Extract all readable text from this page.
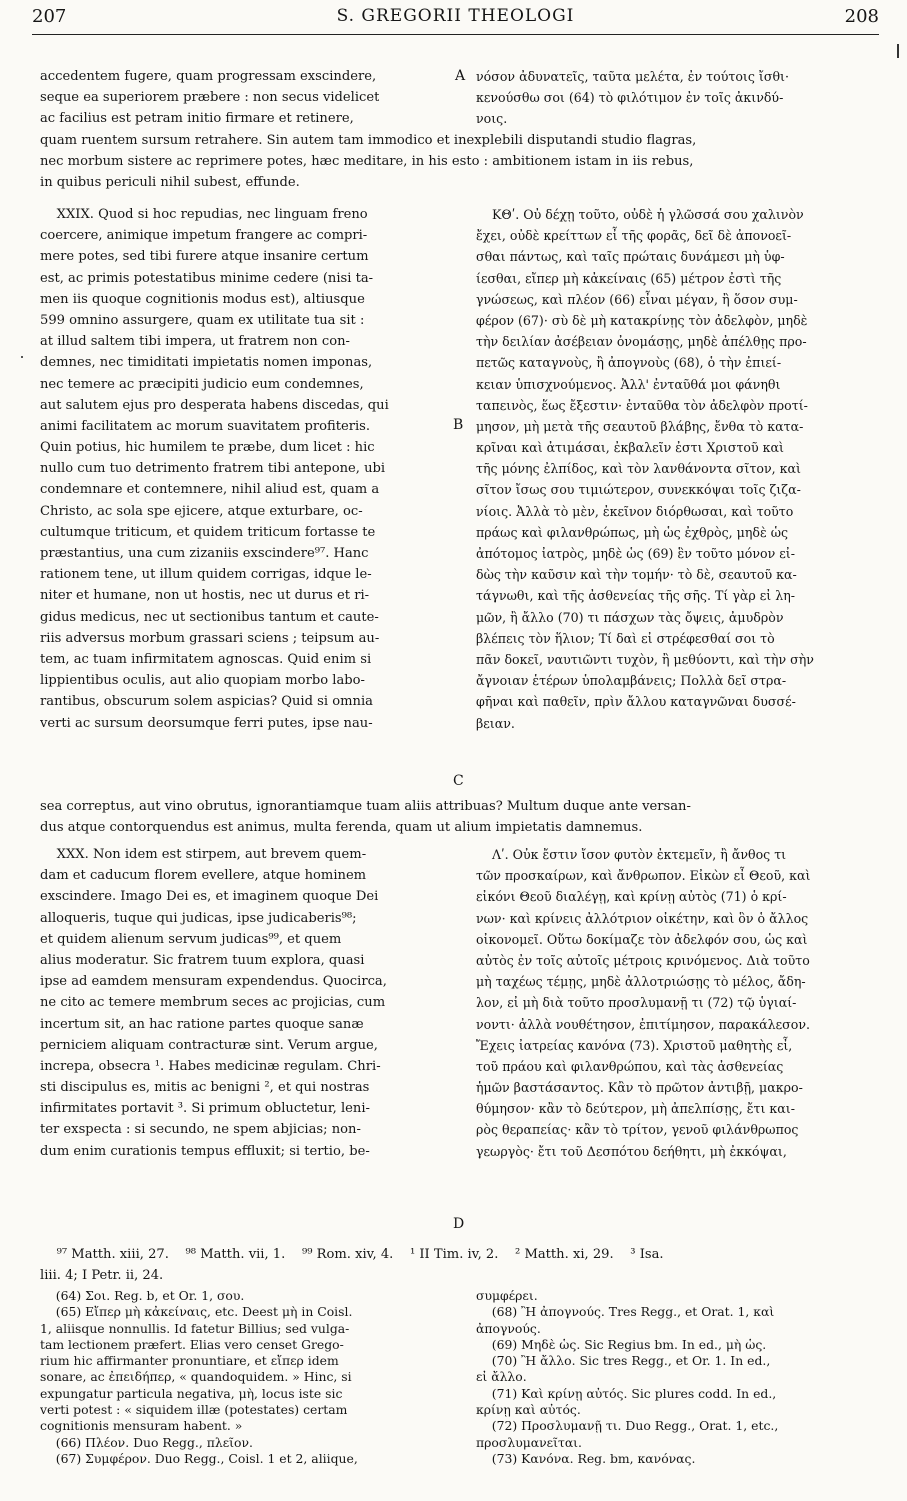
207	S. GREGORII THEOLOGI	208
accedentem fugere, quam progressam exscindere,
seque ea superiorem præbere : non secus videlicet
ac facilius est petram initio firmare et retinere,
νόσον ἀδυνατεῖς, ταῦτα μελέτα, ἐν τούτοις ἴσθι·
κενούσθω σοι (64) τὸ φιλότιμον ἐν τοῖς ἀκινδύ-
νοις.
quam ruentem sursum retrahere. Sin autem tam immodico et inexplebili disputandi studio flagras,
nec morbum sistere ac reprimere potes, hæc meditare, in his esto : ambitionem istam in iis rebus,
in quibus periculi nihil subest, effunde.
XXIX. Quod si hoc repudias, nec linguam freno
coercere, animique impetum frangere ac compri-
mere potes, sed tibi furere atque insanire certum
est, ac primis potestatibus minime cedere (nisi ta-
men iis quoque cognitionis modus est), altiusque
599 omnino assurgere, quam ex utilitate tua sit :
at illud saltem tibi impera, ut fratrem non con-
demnes, nec timiditati impietatis nomen imponas,
nec temere ac præcipiti judicio eum condemnes,
aut salutem ejus pro desperata habens discedas, qui
animi facilitatem ac morum suavitatem profiteris.
Quin potius, hic humilem te præbe, dum licet : hic
nullo cum tuo detrimento fratrem tibi antepone, ubi
condemnare et contemnere, nihil aliud est, quam a
Christo, ac sola spe ejicere, atque exturbare, oc-
cultumque triticum, et quidem triticum fortasse te
præstantius, una cum zizaniis exscindere⁹⁷. Hanc
rationem tene, ut illum quidem corrigas, idque le-
niter et humane, non ut hostis, nec ut durus et ri-
gidus medicus, nec ut sectionibus tantum et caute-
riis adversus morbum grassari sciens ; teipsum au-
tem, ac tuam infirmitatem agnoscas. Quid enim si
lippientibus oculis, aut alio quopiam morbo labo-
rantibus, obscurum solem aspicias? Quid si omnia
verti ac sursum deorsumque ferri putes, ipse nau-
ΚΘʹ. Οὐ δέχῃ τοῦτο, οὐδὲ ἡ γλῶσσά σου χαλινὸν
ἔχει, οὐδὲ κρείττων εἶ τῆς φορᾶς, δεῖ δὲ ἀπονοεῖ-
σθαι πάντως, καὶ ταῖς πρώταις δυνάμεσι μὴ ὑφ-
ίεσθαι, εἴπερ μὴ κἀκείναις (65) μέτρον ἐστὶ τῆς
γνώσεως, καὶ πλέον (66) εἶναι μέγαν, ἢ ὅσον συμ-
φέρον (67)· σὺ δὲ μὴ κατακρίνῃς τὸν ἀδελφὸν, μηδὲ
τὴν δειλίαν ἀσέβειαν ὀνομάσῃς, μηδὲ ἀπέλθῃς προ-
πετῶς καταγνοὺς, ἢ ἀπογνοὺς (68), ὁ τὴν ἐπιεί-
κειαν ὑπισχνούμενος. Ἀλλ' ἐνταῦθά μοι φάνηθι
ταπεινὸς, ἕως ἔξεστιν· ἐνταῦθα τὸν ἀδελφὸν προτί-
μησον, μὴ μετὰ τῆς σεαυτοῦ βλάβης, ἔνθα τὸ κατα-
κρῖναι καὶ ἀτιμάσαι, ἐκβαλεῖν ἐστι Χριστοῦ καὶ
τῆς μόνης ἐλπίδος, καὶ τὸν λανθάνοντα σῖτον, καὶ
σῖτον ἴσως σου τιμιώτερον, συνεκκόψαι τοῖς ζιζα-
νίοις. Ἀλλὰ τὸ μὲν, ἐκεῖνον διόρθωσαι, καὶ τοῦτο
πράως καὶ φιλανθρώπως, μὴ ὡς ἐχθρὸς, μηδὲ ὡς
ἀπότομος ἰατρὸς, μηδὲ ὡς (69) ἓν τοῦτο μόνον εἰ-
δὼς τὴν καῦσιν καὶ τὴν τομήν· τὸ δὲ, σεαυτοῦ κα-
τάγνωθι, καὶ τῆς ἀσθενείας τῆς σῆς. Τί γὰρ εἰ λη-
μῶν, ἢ ἄλλο (70) τι πάσχων τὰς ὄψεις, ἀμυδρὸν
βλέπεις τὸν ἥλιον; Τί δαὶ εἰ στρέφεσθαί σοι τὸ
πᾶν δοκεῖ, ναυτιῶντι τυχὸν, ἢ μεθύοντι, καὶ τὴν σὴν
ἄγνοιαν ἑτέρων ὑπολαμβάνεις; Πολλὰ δεῖ στρα-
φῆναι καὶ παθεῖν, πρὶν ἄλλου καταγνῶναι δυσσέ-
βειαν.
sea correptus, aut vino obrutus, ignorantiamque tuam aliis attribuas? Multum duque ante versan-
dus atque contorquendus est animus, multa ferenda, quam ut alium impietatis damnemus.
XXX. Non idem est stirpem, aut brevem quem-
dam et caducum florem evellere, atque hominem
exscindere. Imago Dei es, et imaginem quoque Dei
alloqueris, tuque qui judicas, ipse judicaberis⁹⁸;
et quidem alienum servum judicas⁹⁹, et quem
alius moderatur. Sic fratrem tuum explora, quasi
ipse ad eamdem mensuram expendendus. Quocirca,
ne cito ac temere membrum seces ac projicias, cum
incertum sit, an hac ratione partes quoque sanæ
perniciem aliquam contracturæ sint. Verum argue,
increpa, obsecra ¹. Habes medicinæ regulam. Chri-
sti discipulus es, mitis ac benigni ², et qui nostras
infirmitates portavit ³. Si primum obluctetur, leni-
ter exspecta : si secundo, ne spem abjicias; non-
dum enim curationis tempus effluxit; si tertio, be-
Λʹ. Οὐκ ἔστιν ἴσον φυτὸν ἐκτεμεῖν, ἢ ἄνθος τι
τῶν προσκαίρων, καὶ ἄνθρωπον. Εἰκὼν εἶ Θεοῦ, καὶ
εἰκόνι Θεοῦ διαλέγῃ, καὶ κρίνῃ αὐτὸς (71) ὁ κρί-
νων· καὶ κρίνεις ἀλλότριον οἰκέτην, καὶ ὃν ὁ ἄλλος
οἰκονομεῖ. Οὕτω δοκίμαζε τὸν ἀδελφόν σου, ὡς καὶ
αὐτὸς ἐν τοῖς αὐτοῖς μέτροις κρινόμενος. Διὰ τοῦτο
μὴ ταχέως τέμῃς, μηδὲ ἀλλοτριώσῃς τὸ μέλος, ἄδη-
λον, εἰ μὴ διὰ τοῦτο προσλυμανῇ τι (72) τῷ ὑγιαί-
νοντι· ἀλλὰ νουθέτησον, ἐπιτίμησον, παρακάλεσον.
Ἔχεις ἰατρείας κανόνα (73). Χριστοῦ μαθητὴς εἶ,
τοῦ πράου καὶ φιλανθρώπου, καὶ τὰς ἀσθενείας
ἡμῶν βαστάσαντος. Κἂν τὸ πρῶτον ἀντιβῇ, μακρο-
θύμησον· κἂν τὸ δεύτερον, μὴ ἀπελπίσῃς, ἔτι και-
ρὸς θεραπείας· κἂν τὸ τρίτον, γενοῦ φιλάνθρωπος
γεωργὸς· ἔτι τοῦ Δεσπότου δεήθητι, μὴ ἐκκόψαι,
A
B
C
D
⁹⁷ Matth. xiii, 27.    ⁹⁸ Matth. vii, 1.    ⁹⁹ Rom. xiv, 4.    ¹ II Tim. iv, 2.    ² Matth. xi, 29.    ³ Isa.
liii. 4; I Petr. ii, 24.
(64) Σοι. Reg. b, et Or. 1, σου.
(65) Εἴπερ μὴ κἀκείναις, etc. Deest μὴ in Coisl.
1, aliisque nonnullis. Id fatetur Billius; sed vulga-
tam lectionem præfert. Elias vero censet Grego-
rium hic affirmanter pronuntiare, et εἴπερ idem
sonare, ac ἐπειδήπερ, « quandoquidem. » Hinc, si
expungatur particula negativa, μὴ, locus iste sic
verti potest : « siquidem illæ (potestates) certam
cognitionis mensuram habent. »
(66) Πλέον. Duo Regg., πλεῖον.
(67) Συμφέρον. Duo Regg., Coisl. 1 et 2, aliique,
συμφέρει.
(68) Ἢ ἀπογνούς. Tres Regg., et Orat. 1, καὶ
ἀπογνούς.
(69) Μηδὲ ὡς. Sic Regius bm. In ed., μὴ ὡς.
(70) Ἢ ἄλλο. Sic tres Regg., et Or. 1. In ed.,
εἰ ἄλλο.
(71) Καὶ κρίνῃ αὐτός. Sic plures codd. In ed.,
κρίνῃ καὶ αὐτός.
(72) Προσλυμανῇ τι. Duo Regg., Orat. 1, etc.,
προσλυμανεῖται.
(73) Κανόνα. Reg. bm, κανόνας.
